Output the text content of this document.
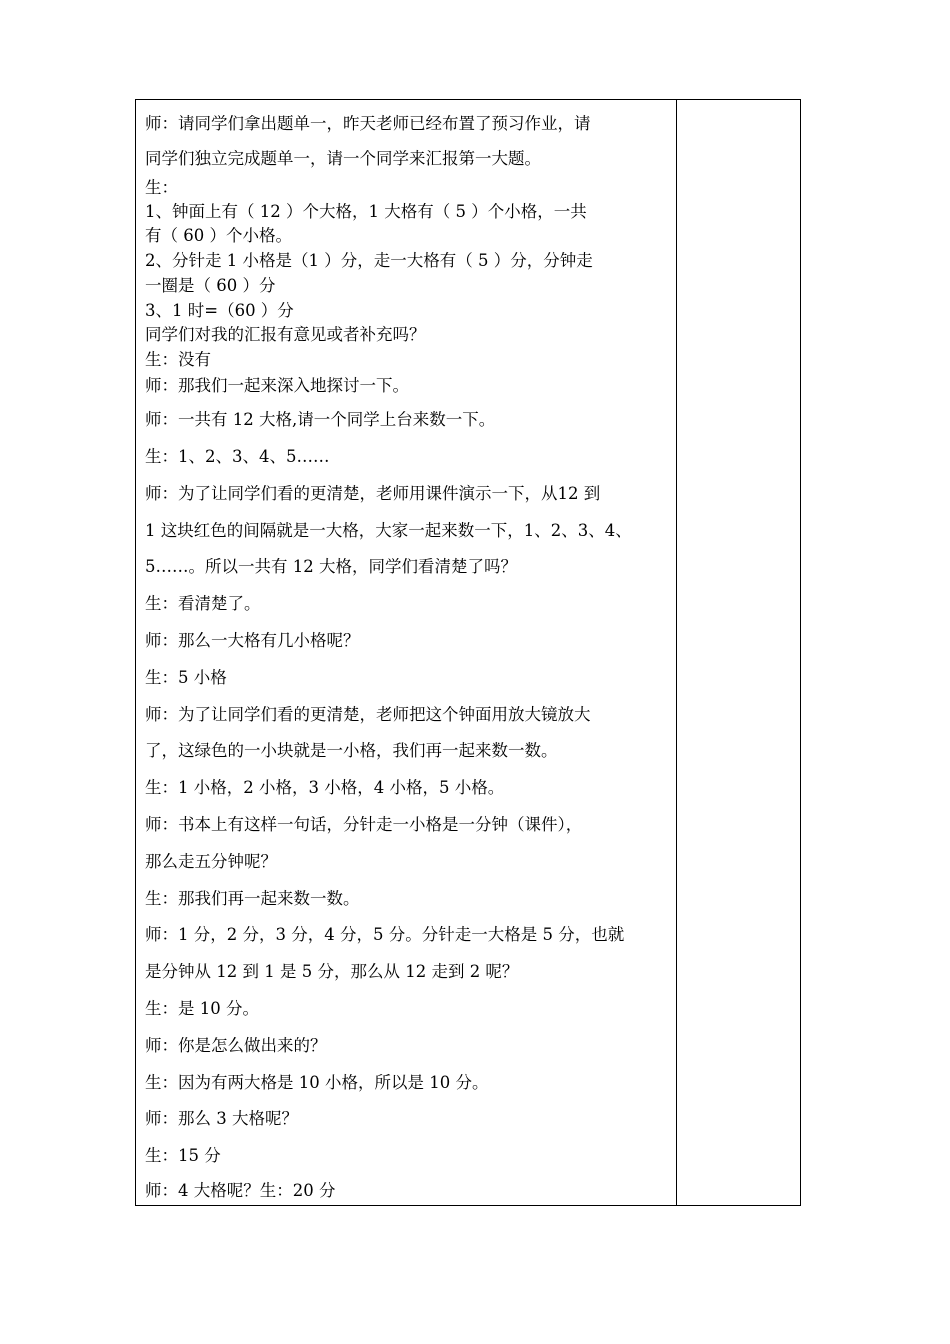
师：请同学们拿出题单一，昨天老师已经布置了预习作业，请
同学们独立完成题单一，请一个同学来汇报第一大题。
生：
1、钟面上有（ 12 ）个大格，1 大格有（ 5 ）个小格，一共
有（ 60 ）个小格。
2、分针走 1 小格是（1 ）分，走一大格有（ 5 ）分，分钟走
一圈是（ 60 ）分
3、1 时=（60 ）分
同学们对我的汇报有意见或者补充吗？
生：没有
师：那我们一起来深入地探讨一下。
师：一共有 12 大格,请一个同学上台来数一下。
生：1、2、3、4、5……
师：为了让同学们看的更清楚，老师用课件演示一下，从12 到
1 这块红色的间隔就是一大格，大家一起来数一下，1、2、3、4、
5……。所以一共有 12 大格，同学们看清楚了吗？
生：看清楚了。
师：那么一大格有几小格呢？
生：5 小格
师：为了让同学们看的更清楚，老师把这个钟面用放大镜放大
了，这绿色的一小块就是一小格，我们再一起来数一数。
生：1 小格，2 小格，3 小格，4 小格，5 小格。
师：书本上有这样一句话，分针走一小格是一分钟（课件），
那么走五分钟呢？
生：那我们再一起来数一数。
师：1 分，2 分，3 分，4 分，5 分。分针走一大格是 5 分，也就
是分钟从 12 到 1 是 5 分，那么从 12 走到 2 呢？
生：是 10 分。
师：你是怎么做出来的？
生：因为有两大格是 10 小格，所以是 10 分。
师：那么 3 大格呢？
生：15 分
师：4 大格呢？生：20 分
